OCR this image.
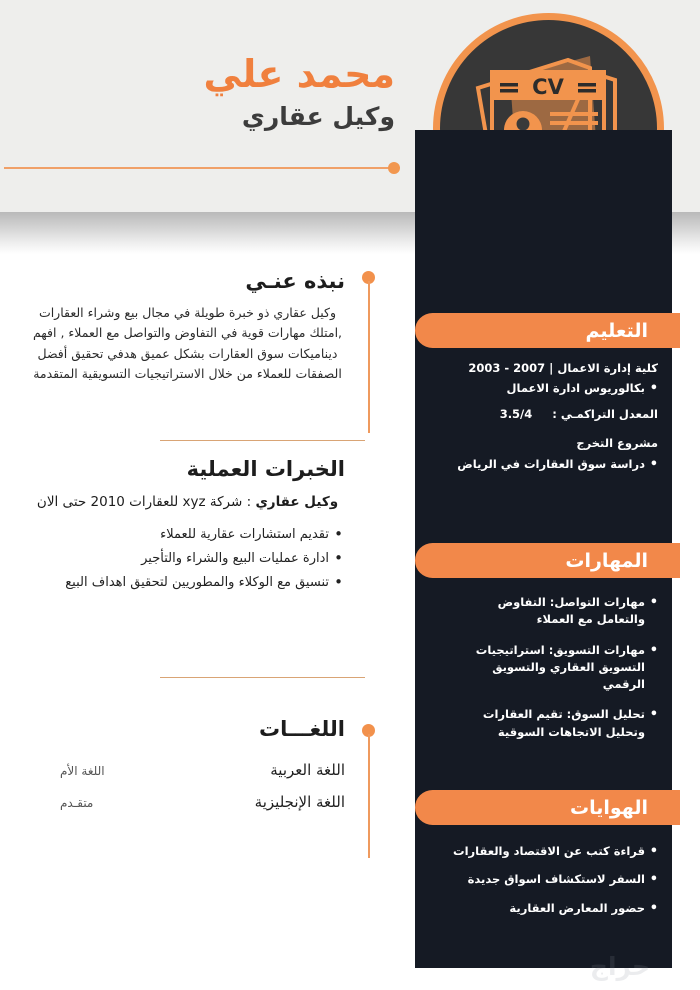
محمد علي
وكيل عقاري
CV
التعليم
كلية إدارة الاعمال | 2007 - 2003
• بكالوريوس ادارة الاعمال
المعدل التراكمـي :     3.5/4
مشروع التخرج
• دراسة سوق العقارات في الرياض
المهارات
• مهارات التواصل: التفاوض والتعامل مع العملاء
• مهارات التسويق: استراتيجيات التسويق العقاري والتسويق الرقمي
• تحليل السوق: تقيم العقارات وتحليل الاتجاهات السوقية
الهوايات
• قراءة كتب عن الاقتصاد والعقارات
• السفر لاستكشاف اسواق جديدة
• حضور المعارض العقارية
نبذه عنـي
وكيل عقاري ذو خبرة طويلة في مجال بيع وشراء العقارات ,امتلك مهارات قوية في التفاوض والتواصل مع العملاء , افهم ديناميكات سوق العقارات بشكل عميق هدفي تحقيق أفضل الصفقات للعملاء من خلال الاستراتيجيات التسويقية المتقدمة
الخبرات العملية
وكيل عقاري : شركة xyz للعقارات 2010 حتى الان
• تقديم استشارات عقارية للعملاء
• ادارة عمليات البيع والشراء والتأجير
• تنسيق مع الوكلاء والمطوريين لتحقيق اهداف البيع
اللغـــات
اللغة العربية
اللغة الأم
اللغة الإنجليزية
متقـدم
حراج
